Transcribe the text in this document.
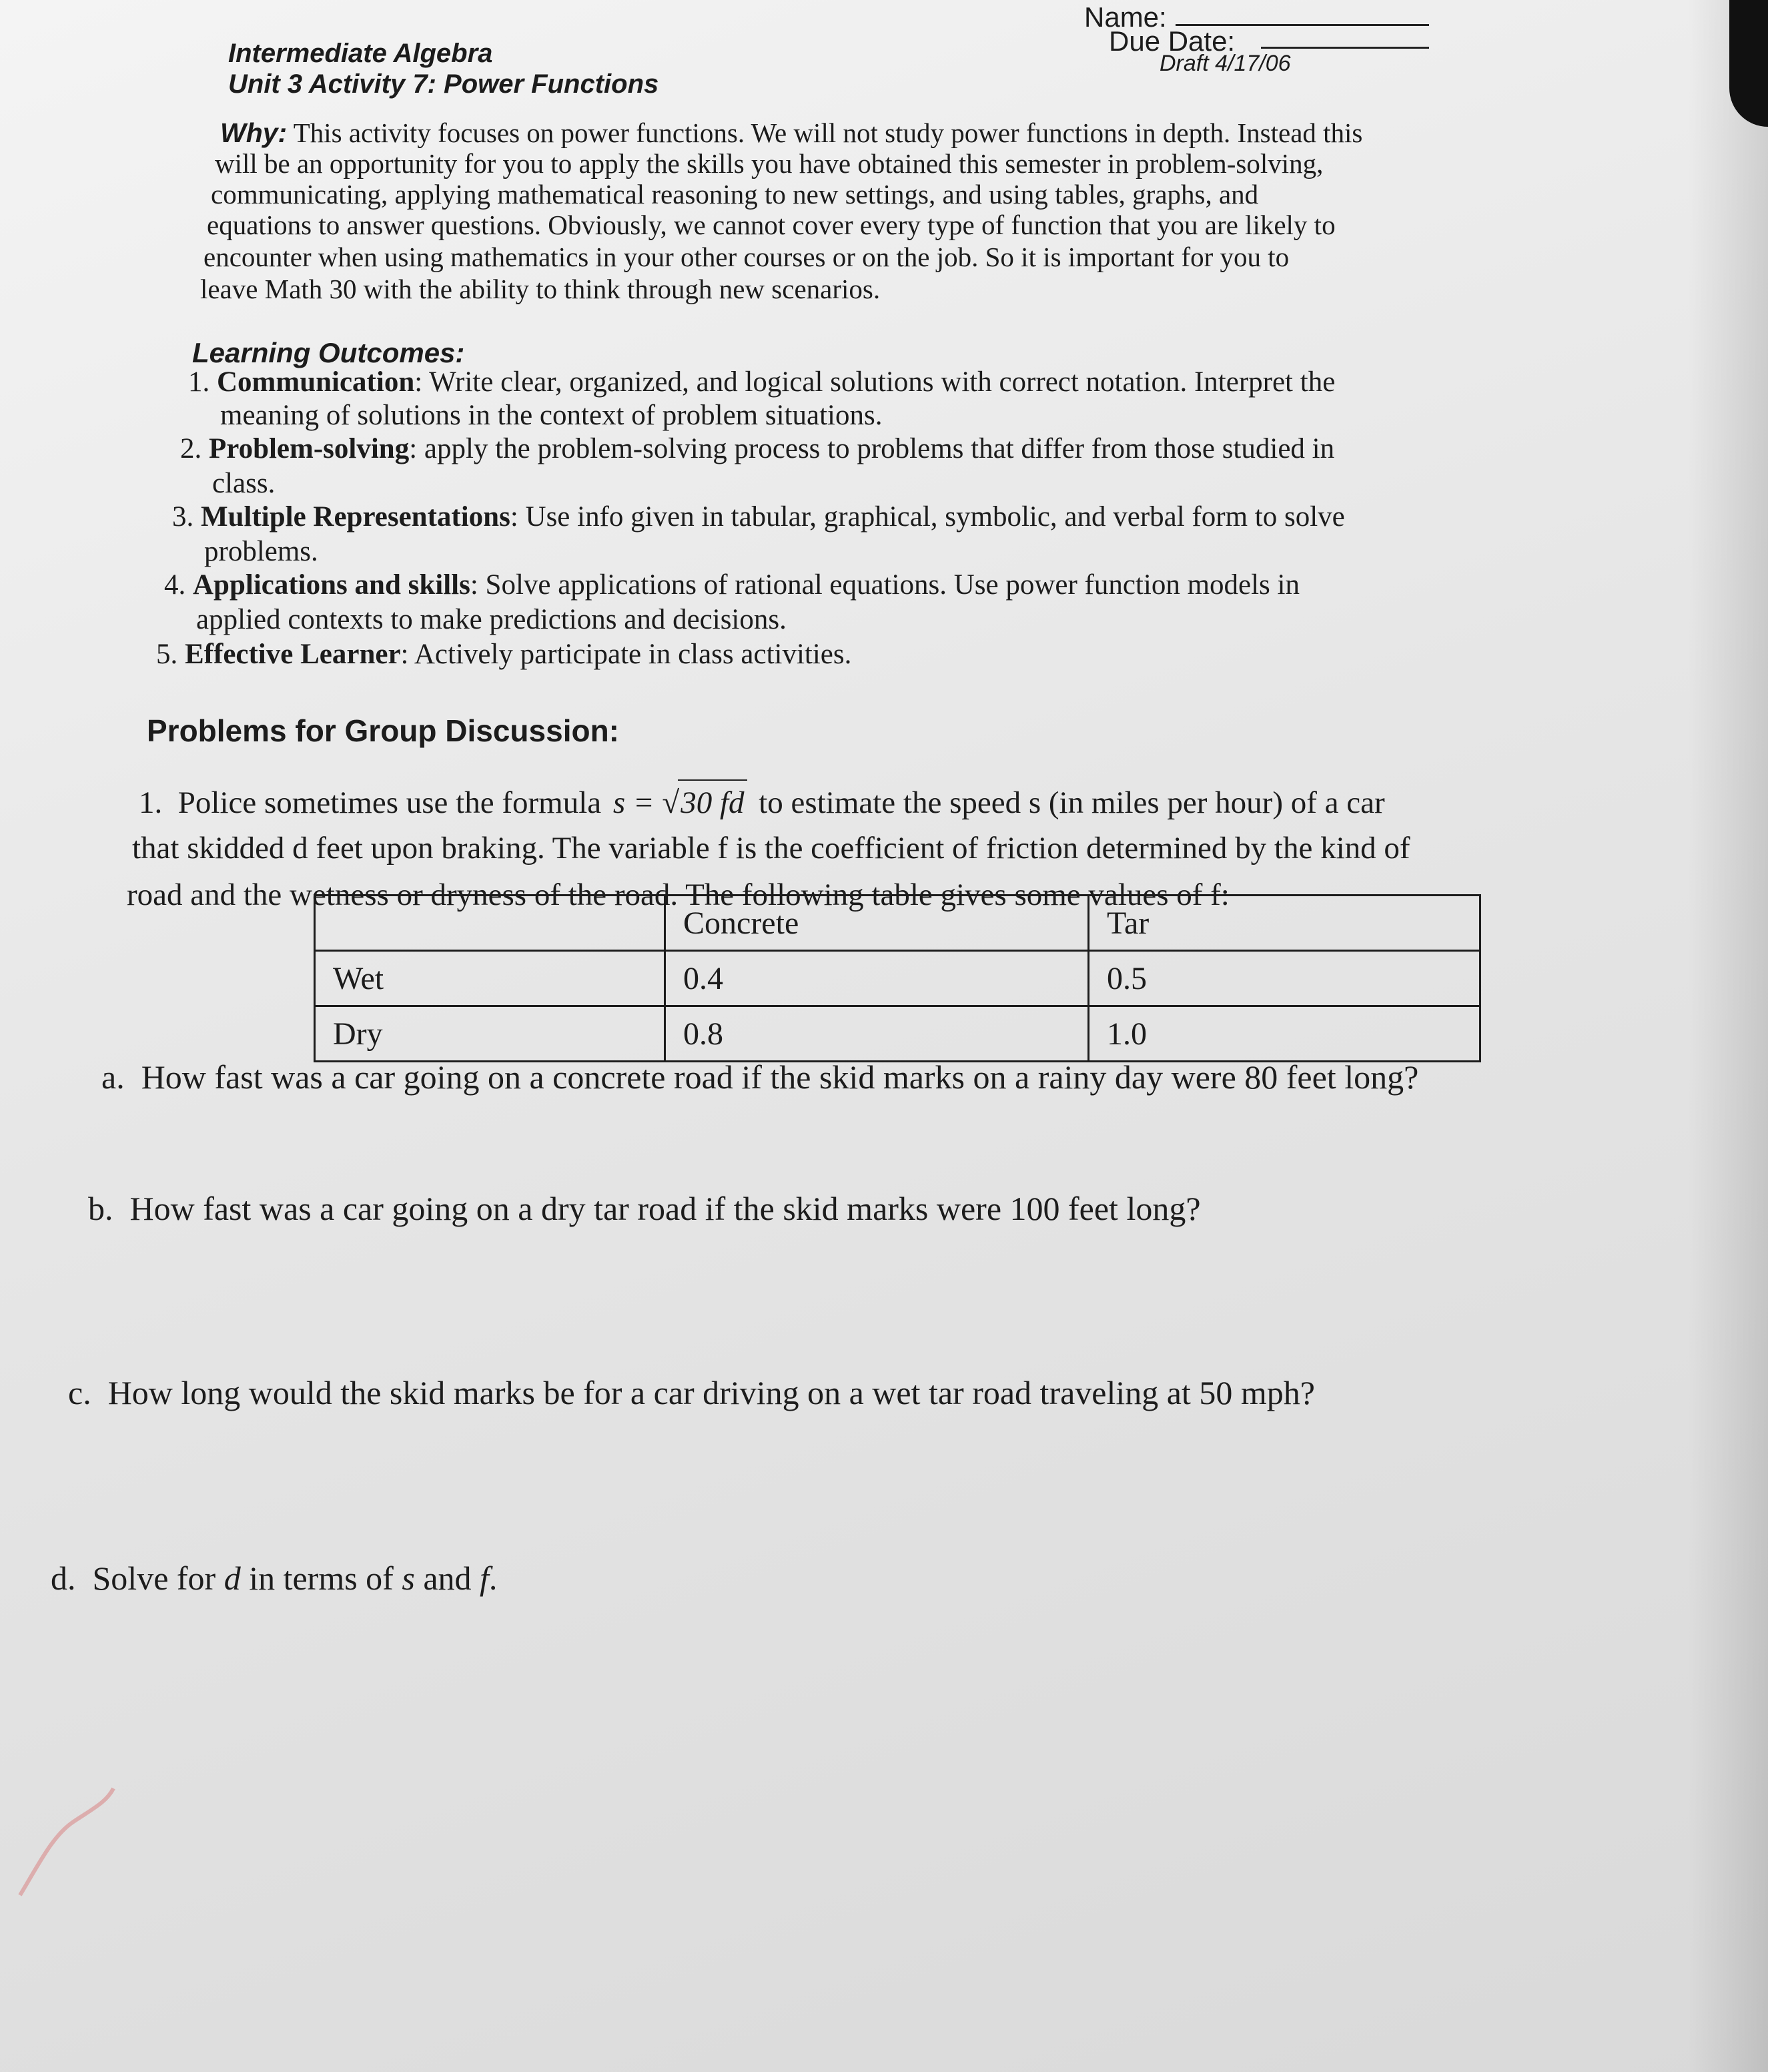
Intermediate Algebra
Unit 3 Activity 7: Power Functions
Name:
Due Date:
Draft 4/17/06
Why: This activity focuses on power functions. We will not study power functions in depth. Instead this
will be an opportunity for you to apply the skills you have obtained this semester in problem-solving,
communicating, applying mathematical reasoning to new settings, and using tables, graphs, and
equations to answer questions. Obviously, we cannot cover every type of function that you are likely to
encounter when using mathematics in your other courses or on the job. So it is important for you to
leave Math 30 with the ability to think through new scenarios.
Learning Outcomes:
1. Communication: Write clear, organized, and logical solutions with correct notation. Interpret the
meaning of solutions in the context of problem situations.
2. Problem-solving: apply the problem-solving process to problems that differ from those studied in
class.
3. Multiple Representations: Use info given in tabular, graphical, symbolic, and verbal form to solve
problems.
4. Applications and skills: Solve applications of rational equations. Use power function models in
applied contexts to make predictions and decisions.
5. Effective Learner: Actively participate in class activities.
Problems for Group Discussion:
1. Police sometimes use the formula s = √30 fd to estimate the speed s (in miles per hour) of a car
that skidded d feet upon braking. The variable f is the coefficient of friction determined by the kind of
road and the wetness or dryness of the road. The following table gives some values of f:
	Concrete	Tar
Wet	0.4	0.5
Dry	0.8	1.0
a. How fast was a car going on a concrete road if the skid marks on a rainy day were 80 feet long?
b. How fast was a car going on a dry tar road if the skid marks were 100 feet long?
c. How long would the skid marks be for a car driving on a wet tar road traveling at 50 mph?
d. Solve for d in terms of s and f.
